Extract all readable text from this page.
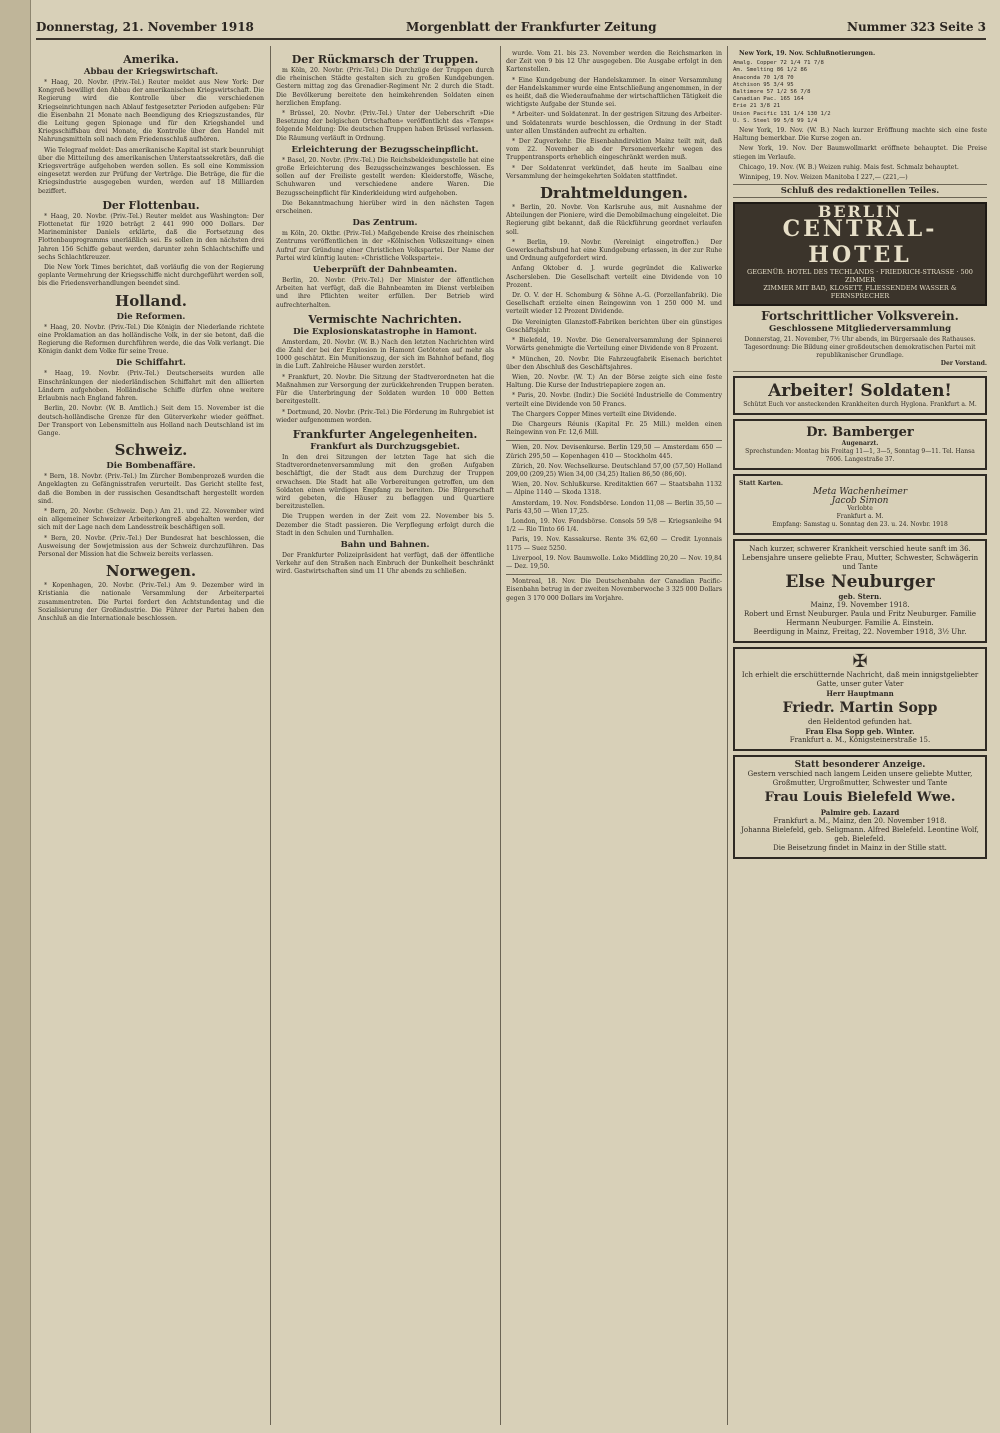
Donnerstag, 21. November 1918	Morgenblatt der Frankfurter Zeitung	Nummer 323 Seite 3
Amerika.
Abbau der Kriegswirtschaft.

* Haag, 20. Novbr. (Priv.-Tel.) Reuter meldet aus New York: Der Kongreß bewilligt den Abbau der amerikanischen Kriegswirtschaft. Die Regierung wird die Kontrolle über die verschiedenen Kriegseinrichtungen nach Ablauf festgesetzter Perioden aufgeben: Für die Eisenbahn 21 Monate nach Beendigung des Kriegszustandes, für die Leitung gegen Spionage und für den Kriegshandel und Kriegsschiffsbau drei Monate, die Kontrolle über den Handel mit Nahrungsmitteln soll nach dem Friedensschluß aufhören.

Wie Telegraaf meldet: Das amerikanische Kapital ist stark beunruhigt über die Mitteilung des amerikanischen Unterstaatssekretärs, daß die Kriegsverträge aufgehoben werden sollen. Es soll eine Kommission eingesetzt werden zur Prüfung der Verträge. Die Beträge, die für die Kriegsindustrie ausgegeben wurden, werden auf 18 Milliarden beziffert.

Der Flottenbau.

* Haag, 20. Novbr. (Priv.-Tel.) Reuter meldet aus Washington: Der Flottenetat für 1920 beträgt 2 441 990 000 Dollars. Der Marineminister Daniels erklärte, daß die Fortsetzung des Flottenbauprogramms unerläßlich sei. Es sollen in den nächsten drei Jahren 156 Schiffe gebaut werden, darunter zehn Schlachtschiffe und sechs Schlachtkreuzer.

Die New York Times berichtet, daß vorläufig die von der Regierung geplante Vermehrung der Kriegsschiffe nicht durchgeführt werden soll, bis die Friedensverhandlungen beendet sind.

Holland.
Die Reformen.

* Haag, 20. Novbr. (Priv.-Tel.) Die Königin der Niederlande richtete eine Proklamation an das holländische Volk, in der sie betont, daß die Regierung die Reformen durchführen werde, die das Volk verlangt. Die Königin dankt dem Volke für seine Treue.

Die Schiffahrt.

* Haag, 19. Novbr. (Priv.-Tel.) Deutscherseits wurden alle Einschränkungen der niederländischen Schiffahrt mit den alliierten Ländern aufgehoben. Holländische Schiffe dürfen ohne weitere Erlaubnis nach England fahren.

Berlin, 20. Novbr. (W. B. Amtlich.) Seit dem 15. November ist die deutsch-holländische Grenze für den Güterverkehr wieder geöffnet. Der Transport von Lebensmitteln aus Holland nach Deutschland ist im Gange.

Schweiz.
Die Bombenaffäre.

* Bern, 18. Novbr. (Priv.-Tel.) Im Zürcher Bombenprozeß wurden die Angeklagten zu Gefängnisstrafen verurteilt. Das Gericht stellte fest, daß die Bomben in der russischen Gesandtschaft hergestellt worden sind.

* Bern, 20. Novbr. (Schweiz. Dep.) Am 21. und 22. November wird ein allgemeiner Schweizer Arbeiterkongreß abgehalten werden, der sich mit der Lage nach dem Landesstreik beschäftigen soll.

* Bern, 20. Novbr. (Priv.-Tel.) Der Bundesrat hat beschlossen, die Ausweisung der Sowjetmission aus der Schweiz durchzuführen. Das Personal der Mission hat die Schweiz bereits verlassen.

Norwegen.

* Kopenhagen, 20. Novbr. (Priv.-Tel.) Am 9. Dezember wird in Kristiania die nationale Versammlung der Arbeiterpartei zusammentreten. Die Partei fordert den Achtstundentag und die Sozialisierung der Großindustrie. Die Führer der Partei haben den Anschluß an die Internationale beschlossen.

Der Rückmarsch der Truppen.

m Köln, 20. Novbr. (Priv.-Tel.) Die Durchzüge der Truppen durch die rheinischen Städte gestalten sich zu großen Kundgebungen. Gestern mittag zog das Grenadier-Regiment Nr. 2 durch die Stadt. Die Bevölkerung bereitete den heimkehrenden Soldaten einen herzlichen Empfang.

* Brüssel, 20. Novbr. (Priv.-Tel.) Unter der Ueberschrift »Die Besetzung der belgischen Ortschaften« veröffentlicht das »Temps« folgende Meldung: Die deutschen Truppen haben Brüssel verlassen. Die Räumung verläuft in Ordnung.

Erleichterung der Bezugsscheinpflicht.

* Basel, 20. Novbr. (Priv.-Tel.) Die Reichsbekleidungsstelle hat eine große Erleichterung des Bezugsscheinzwanges beschlossen. Es sollen auf der Freiliste gestellt werden: Kleiderstoffe, Wäsche, Schuhwaren und verschiedene andere Waren. Die Bezugsscheinpflicht für Kinderkleidung wird aufgehoben.

Die Bekanntmachung hierüber wird in den nächsten Tagen erscheinen.

Das Zentrum.

m Köln, 20. Oktbr. (Priv.-Tel.) Maßgebende Kreise des rheinischen Zentrums veröffentlichen in der »Kölnischen Volkszeitung« einen Aufruf zur Gründung einer Christlichen Volkspartei. Der Name der Partei wird künftig lauten: »Christliche Volkspartei«.

Ueberprüft der Dahnbeamten.

Berlin, 20. Novbr. (Priv.-Tel.) Der Minister der öffentlichen Arbeiten hat verfügt, daß die Bahnbeamten im Dienst verbleiben und ihre Pflichten weiter erfüllen. Der Betrieb wird aufrechterhalten.

Vermischte Nachrichten.
Die Explosionskatastrophe in Hamont.

Amsterdam, 20. Novbr. (W. B.) Nach den letzten Nachrichten wird die Zahl der bei der Explosion in Hamont Getöteten auf mehr als 1000 geschätzt. Ein Munitionszug, der sich im Bahnhof befand, flog in die Luft. Zahlreiche Häuser wurden zerstört.

* Frankfurt, 20. Novbr. Die Sitzung der Stadtverordneten hat die Maßnahmen zur Versorgung der zurückkehrenden Truppen beraten. Für die Unterbringung der Soldaten wurden 10 000 Betten bereitgestellt.

* Dortmund, 20. Novbr. (Priv.-Tel.) Die Förderung im Ruhrgebiet ist wieder aufgenommen worden.

Frankfurter Angelegenheiten.
Frankfurt als Durchzugsgebiet.

In den drei Sitzungen der letzten Tage hat sich die Stadtverordnetenversammlung mit den großen Aufgaben beschäftigt, die der Stadt aus dem Durchzug der Truppen erwachsen. Die Stadt hat alle Vorbereitungen getroffen, um den Soldaten einen würdigen Empfang zu bereiten. Die Bürgerschaft wird gebeten, die Häuser zu beflaggen und Quartiere bereitzustellen.

Die Truppen werden in der Zeit vom 22. November bis 5. Dezember die Stadt passieren. Die Verpflegung erfolgt durch die Stadt in den Schulen und Turnhallen.

Bahn und Bahnen.

Der Frankfurter Polizeipräsident hat verfügt, daß der öffentliche Verkehr auf den Straßen nach Einbruch der Dunkelheit beschränkt wird. Gastwirtschaften sind um 11 Uhr abends zu schließen.

wurde. Vom 21. bis 23. November werden die Reichsmarken in der Zeit von 9 bis 12 Uhr ausgegeben. Die Ausgabe erfolgt in den Kartenstellen.

* Eine Kundgebung der Handelskammer. In einer Versammlung der Handelskammer wurde eine Entschließung angenommen, in der es heißt, daß die Wiederaufnahme der wirtschaftlichen Tätigkeit die wichtigste Aufgabe der Stunde sei.

* Arbeiter- und Soldatenrat. In der gestrigen Sitzung des Arbeiter- und Soldatenrats wurde beschlossen, die Ordnung in der Stadt unter allen Umständen aufrecht zu erhalten.

* Der Zugverkehr. Die Eisenbahndirektion Mainz teilt mit, daß vom 22. November ab der Personenverkehr wegen des Truppentransports erheblich eingeschränkt werden muß.

* Der Soldatenrat verkündet, daß heute im Saalbau eine Versammlung der heimgekehrten Soldaten stattfindet.

Drahtmeldungen.

* Berlin, 20. Novbr. Von Karlsruhe aus, mit Ausnahme der Abteilungen der Pioniere, wird die Demobilmachung eingeleitet. Die Regierung gibt bekannt, daß die Rückführung geordnet verlaufen soll.

* Berlin, 19. Novbr. (Vereinigt eingetroffen.) Der Gewerkschaftsbund hat eine Kundgebung erlassen, in der zur Ruhe und Ordnung aufgefordert wird.

Anfang Oktober d. J. wurde gegründet die Kaliwerke Aschersleben. Die Gesellschaft verteilt eine Dividende von 10 Prozent.

Dr. O. V. der H. Schomburg & Söhne A.-G. (Porzellanfabrik). Die Gesellschaft erzielte einen Reingewinn von 1 250 000 M. und verteilt wieder 12 Prozent Dividende.

Die Vereinigten Glanzstoff-Fabriken berichten über ein günstiges Geschäftsjahr.

* Bielefeld, 19. Novbr. Die Generalversammlung der Spinnerei Vorwärts genehmigte die Verteilung einer Dividende von 8 Prozent.

* München, 20. Novbr. Die Fahrzeugfabrik Eisenach berichtet über den Abschluß des Geschäftsjahres.

Wien, 20. Novbr. (W. T.) An der Börse zeigte sich eine feste Haltung. Die Kurse der Industriepapiere zogen an.

* Paris, 20. Novbr. (Indir.) Die Société Industrielle de Commentry verteilt eine Dividende von 50 Francs.

The Chargers Copper Mines verteilt eine Dividende.

Die Chargeurs Réunis (Kapital Fr. 25 Mill.) melden einen Reingewinn von Fr. 12,6 Mill.

Wien, 20. Nov. Devisenkurse. Berlin 129,50 — Amsterdam 650 — Zürich 295,50 — Kopenhagen 410 — Stockholm 445.

Zürich, 20. Nov. Wechselkurse. Deutschland 57,00 (57,50) Holland 209,00 (209,25) Wien 34,00 (34,25) Italien 86,50 (86,60).

Wien, 20. Nov. Schlußkurse. Kreditaktien 667 — Staatsbahn 1132 — Alpine 1140 — Skoda 1318.

Amsterdam, 19. Nov. Fondsbörse. London 11,08 — Berlin 35,50 — Paris 43,50 — Wien 17,25.

London, 19. Nov. Fondsbörse. Consols 59 5/8 — Kriegsanleihe 94 1/2 — Rio Tinto 66 1/4.

Paris, 19. Nov. Kassakurse. Rente 3% 62,60 — Credit Lyonnais 1175 — Suez 5250.

Liverpool, 19. Nov. Baumwolle. Loko Middling 20,20 — Nov. 19,84 — Dez. 19,50.

Montreal, 18. Nov. Die Deutschenbahn der Canadian Pacific-Eisenbahn betrug in der zweiten Novemberwoche 3 325 000 Dollars gegen 3 170 000 Dollars im Vorjahre.

New York, 19. Nov. Schlußnotierungen.

Amalg. Copper 72 1/4 71 7/8
Am. Smelting 86 1/2 86
Anaconda 70 1/8 70
Atchison 95 3/4 95
Baltimore 57 1/2 56 7/8
Canadian Pac. 165 164
Erie 21 3/8 21
Union Pacific 131 1/4 130 1/2
U. S. Steel 99 5/8 99 1/4

New York, 19. Nov. (W. B.) Nach kurzer Eröffnung machte sich eine feste Haltung bemerkbar. Die Kurse zogen an.

New York, 19. Nov. Der Baumwollmarkt eröffnete behauptet. Die Preise stiegen im Verlaufe.

Chicago, 19. Nov. (W. B.) Weizen ruhig. Mais fest. Schmalz behauptet.

Winnipeg, 19. Nov. Weizen Manitoba I 227,— (221,—)

Schluß des redaktionellen Teiles.
BERLIN
CENTRAL-HOTEL
GEGENÜB. HOTEL DES TECHLANDS · FRIEDRICH-STRASSE · 500 ZIMMER
ZIMMER MIT BAD, KLOSETT, FLIESSENDEM WASSER & FERNSPRECHER
Fortschrittlicher Volksverein.
Geschlossene Mitgliederversammlung
Donnerstag, 21. November, 7½ Uhr abends, im Bürgersaale des Rathauses.
Tagesordnung: Die Bildung einer großdeutschen demokratischen Partei mit republikanischer Grundlage.
Der Vorstand.
Arbeiter! Soldaten!
Schützt Euch vor ansteckenden Krankheiten durch Hyglona. Frankfurt a. M.
Dr. Bamberger
Augenarzt.
Sprechstunden: Montag bis Freitag 11—1, 3—5, Sonntag 9—11. Tel. Hansa 7606. Langestraße 37.
Statt Karten.
Meta Wachenheimer
Jacob Simon
Verlobte
Frankfurt a. M.
Empfang: Samstag u. Sonntag den 23. u. 24. Novbr. 1918
Nach kurzer, schwerer Krankheit verschied heute sanft im 36. Lebensjahre unsere geliebte Frau, Mutter, Schwester, Schwägerin und Tante
Else Neuburger
geb. Stern.
Mainz, 19. November 1918.
Robert und Ernst Neuburger. Paula und Fritz Neuburger. Familie Hermann Neuburger. Familie A. Einstein.
Beerdigung in Mainz, Freitag, 22. November 1918, 3½ Uhr.
✠
Ich erhielt die erschütternde Nachricht, daß mein innigstgeliebter Gatte, unser guter Vater
Herr Hauptmann
Friedr. Martin Sopp
den Heldentod gefunden hat.
Frau Elsa Sopp geb. Winter.
Frankfurt a. M., Königsteinerstraße 15.
Statt besonderer Anzeige.
Gestern verschied nach langem Leiden unsere geliebte Mutter, Großmutter, Urgroßmutter, Schwester und Tante
Frau Louis Bielefeld Wwe.
Palmire geb. Lazard
Frankfurt a. M., Mainz, den 20. November 1918.
Johanna Bielefeld, geb. Seligmann. Alfred Bielefeld. Leontine Wolf, geb. Bielefeld.
Die Beisetzung findet in Mainz in der Stille statt.
